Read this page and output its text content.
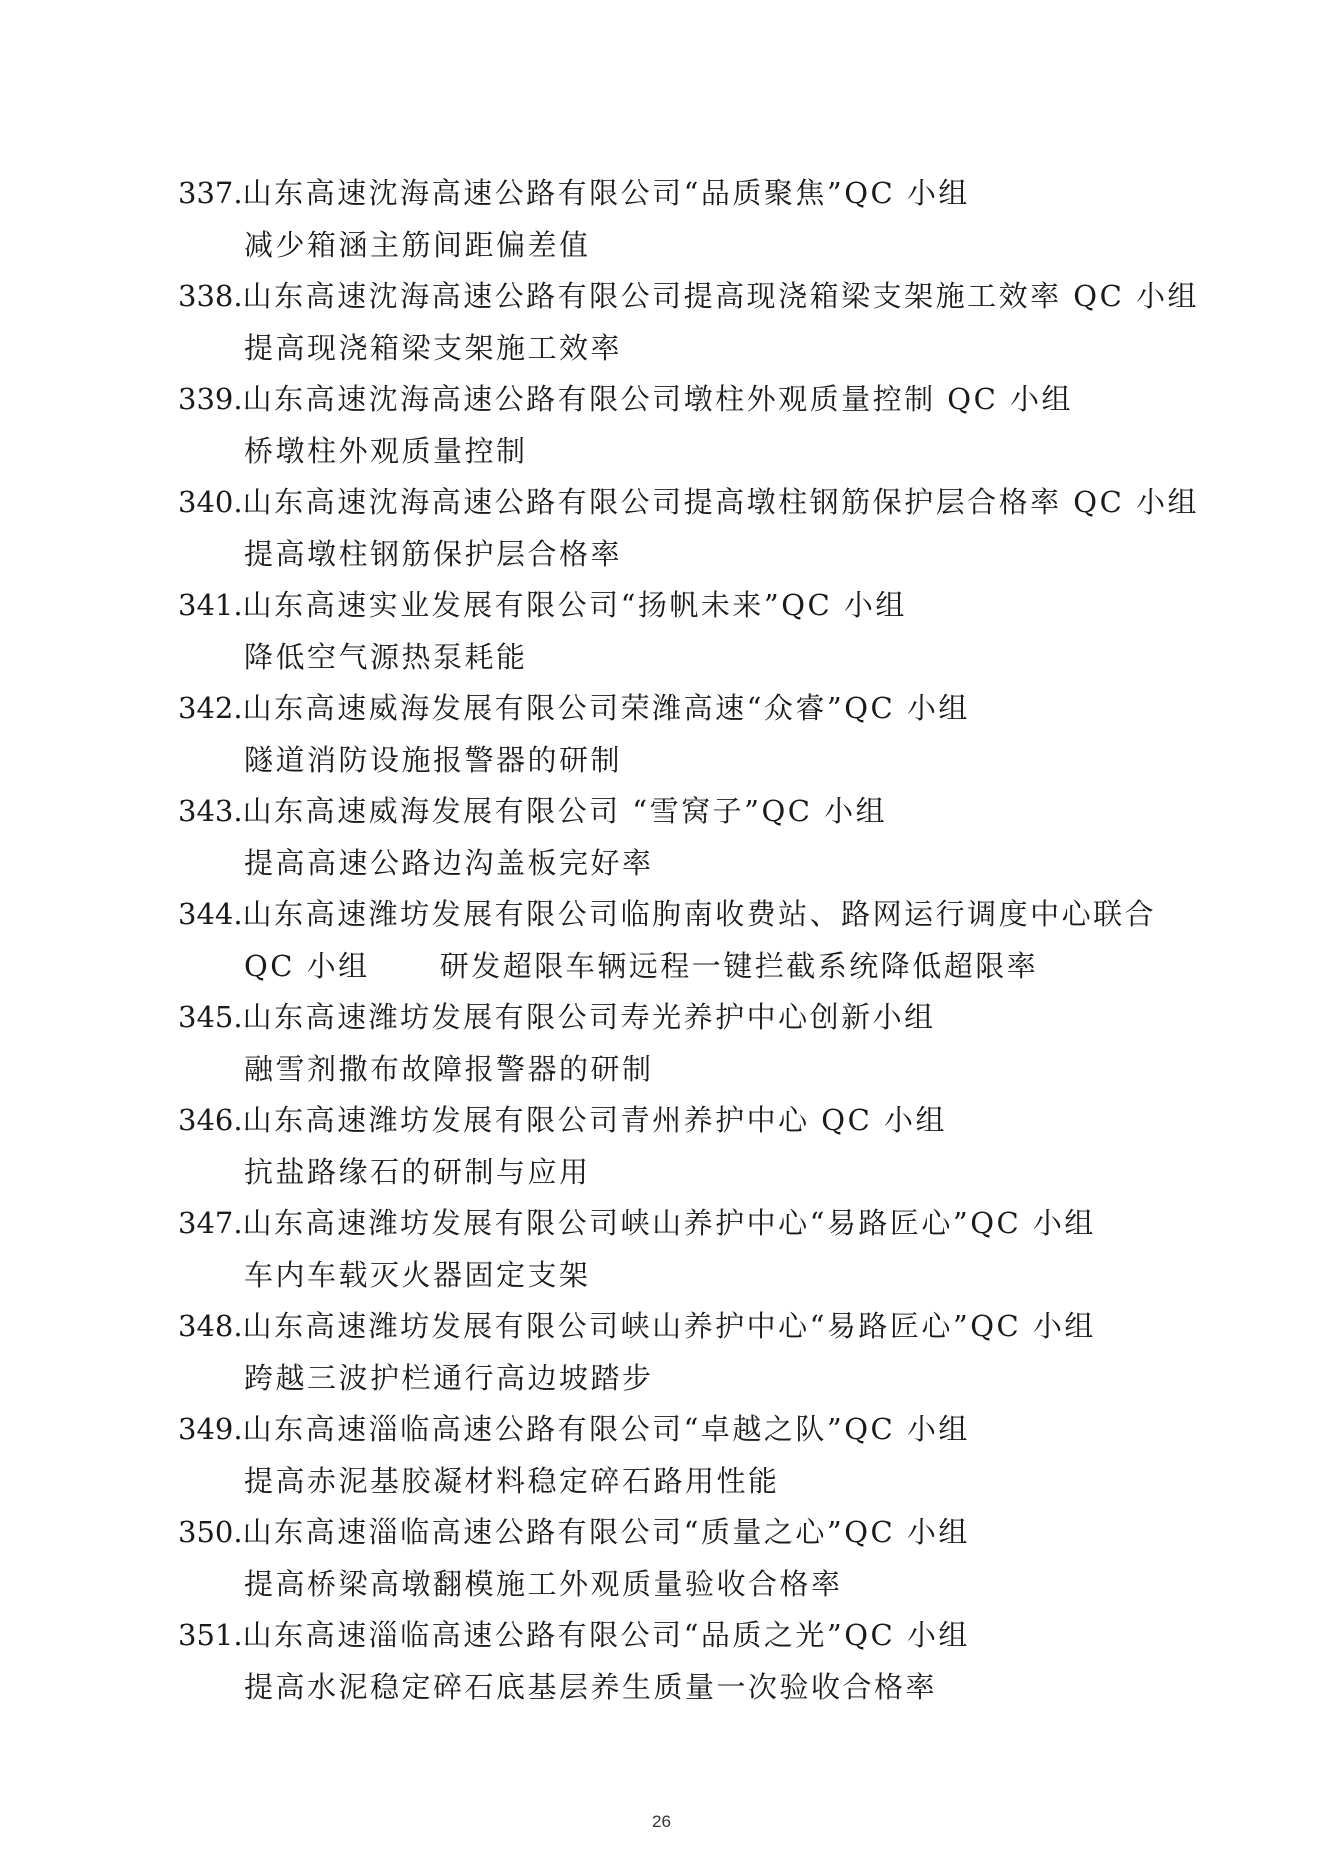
337.山东高速沈海高速公路有限公司“品质聚焦”QC 小组
减少箱涵主筋间距偏差值
338.山东高速沈海高速公路有限公司提高现浇箱梁支架施工效率 QC 小组
提高现浇箱梁支架施工效率
339.山东高速沈海高速公路有限公司墩柱外观质量控制 QC 小组
桥墩柱外观质量控制
340.山东高速沈海高速公路有限公司提高墩柱钢筋保护层合格率 QC 小组
提高墩柱钢筋保护层合格率
341.山东高速实业发展有限公司“扬帆未来”QC 小组
降低空气源热泵耗能
342.山东高速威海发展有限公司荣潍高速“众睿”QC 小组
隧道消防设施报警器的研制
343.山东高速威海发展有限公司 “雪窝子”QC 小组
提高高速公路边沟盖板完好率
344.山东高速潍坊发展有限公司临朐南收费站、路网运行调度中心联合
QC 小组 研发超限车辆远程一键拦截系统降低超限率
345.山东高速潍坊发展有限公司寿光养护中心创新小组
融雪剂撒布故障报警器的研制
346.山东高速潍坊发展有限公司青州养护中心 QC 小组
抗盐路缘石的研制与应用
347.山东高速潍坊发展有限公司峡山养护中心“易路匠心”QC 小组
车内车载灭火器固定支架
348.山东高速潍坊发展有限公司峡山养护中心“易路匠心”QC 小组
跨越三波护栏通行高边坡踏步
349.山东高速淄临高速公路有限公司“卓越之队”QC 小组
提高赤泥基胶凝材料稳定碎石路用性能
350.山东高速淄临高速公路有限公司“质量之心”QC 小组
提高桥梁高墩翻模施工外观质量验收合格率
351.山东高速淄临高速公路有限公司“品质之光”QC 小组
提高水泥稳定碎石底基层养生质量一次验收合格率
26
